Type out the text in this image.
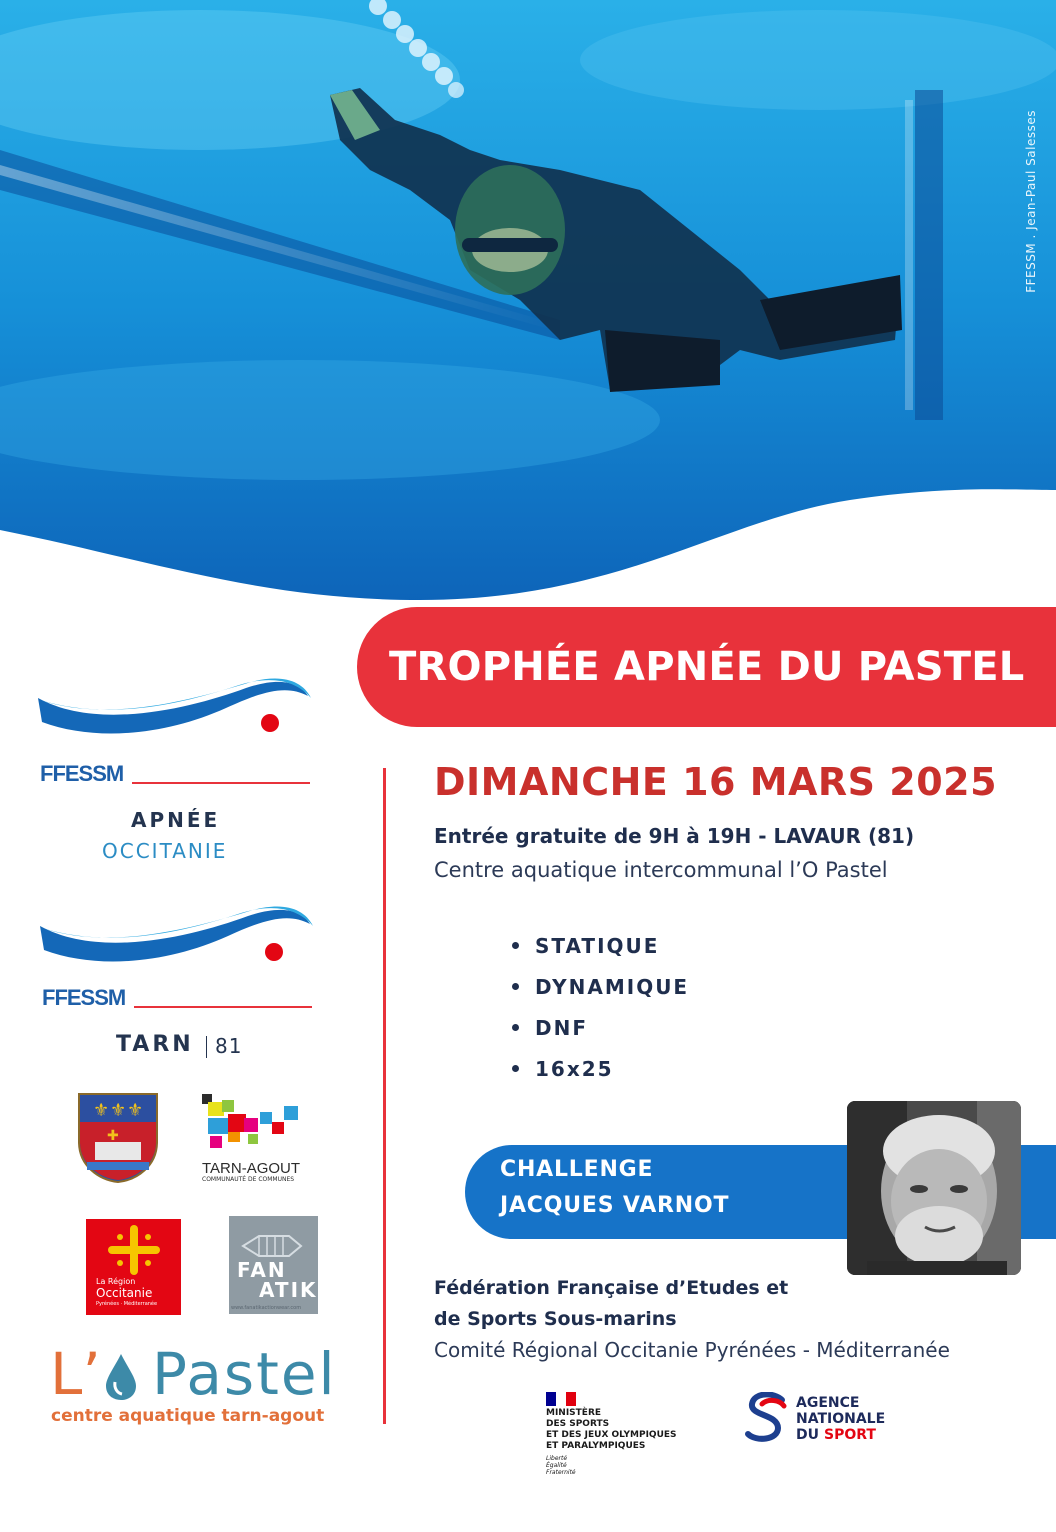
FFESSM . Jean-Paul Salesses
TROPHÉE APNÉE DU PASTEL
FFESSM
APNÉE
OCCITANIE
FFESSM
TARN 81
⚜ ⚜ ⚜
✚
TARN-AGOUT
COMMUNAUTÉ DE COMMUNES
La Région
Occitanie
Pyrénées · Méditerranée
FAN
ATIK
www.fanatikactionwear.com
L’ Pastel
centre aquatique tarn-agout
DIMANCHE 16 MARS 2025
Entrée gratuite de 9H à 19H - LAVAUR (81)
Centre aquatique intercommunal l’O Pastel
STATIQUE
DYNAMIQUE
DNF
16x25
CHALLENGE
JACQUES VARNOT
Fédération Française d’Etudes et
de Sports Sous-marins
Comité Régional Occitanie Pyrénées - Méditerranée
MINISTÈRE
DES SPORTS
ET DES JEUX OLYMPIQUES
ET PARALYMPIQUES
Liberté
Égalité
Fraternité
AGENCE
NATIONALE
DU SPORT
